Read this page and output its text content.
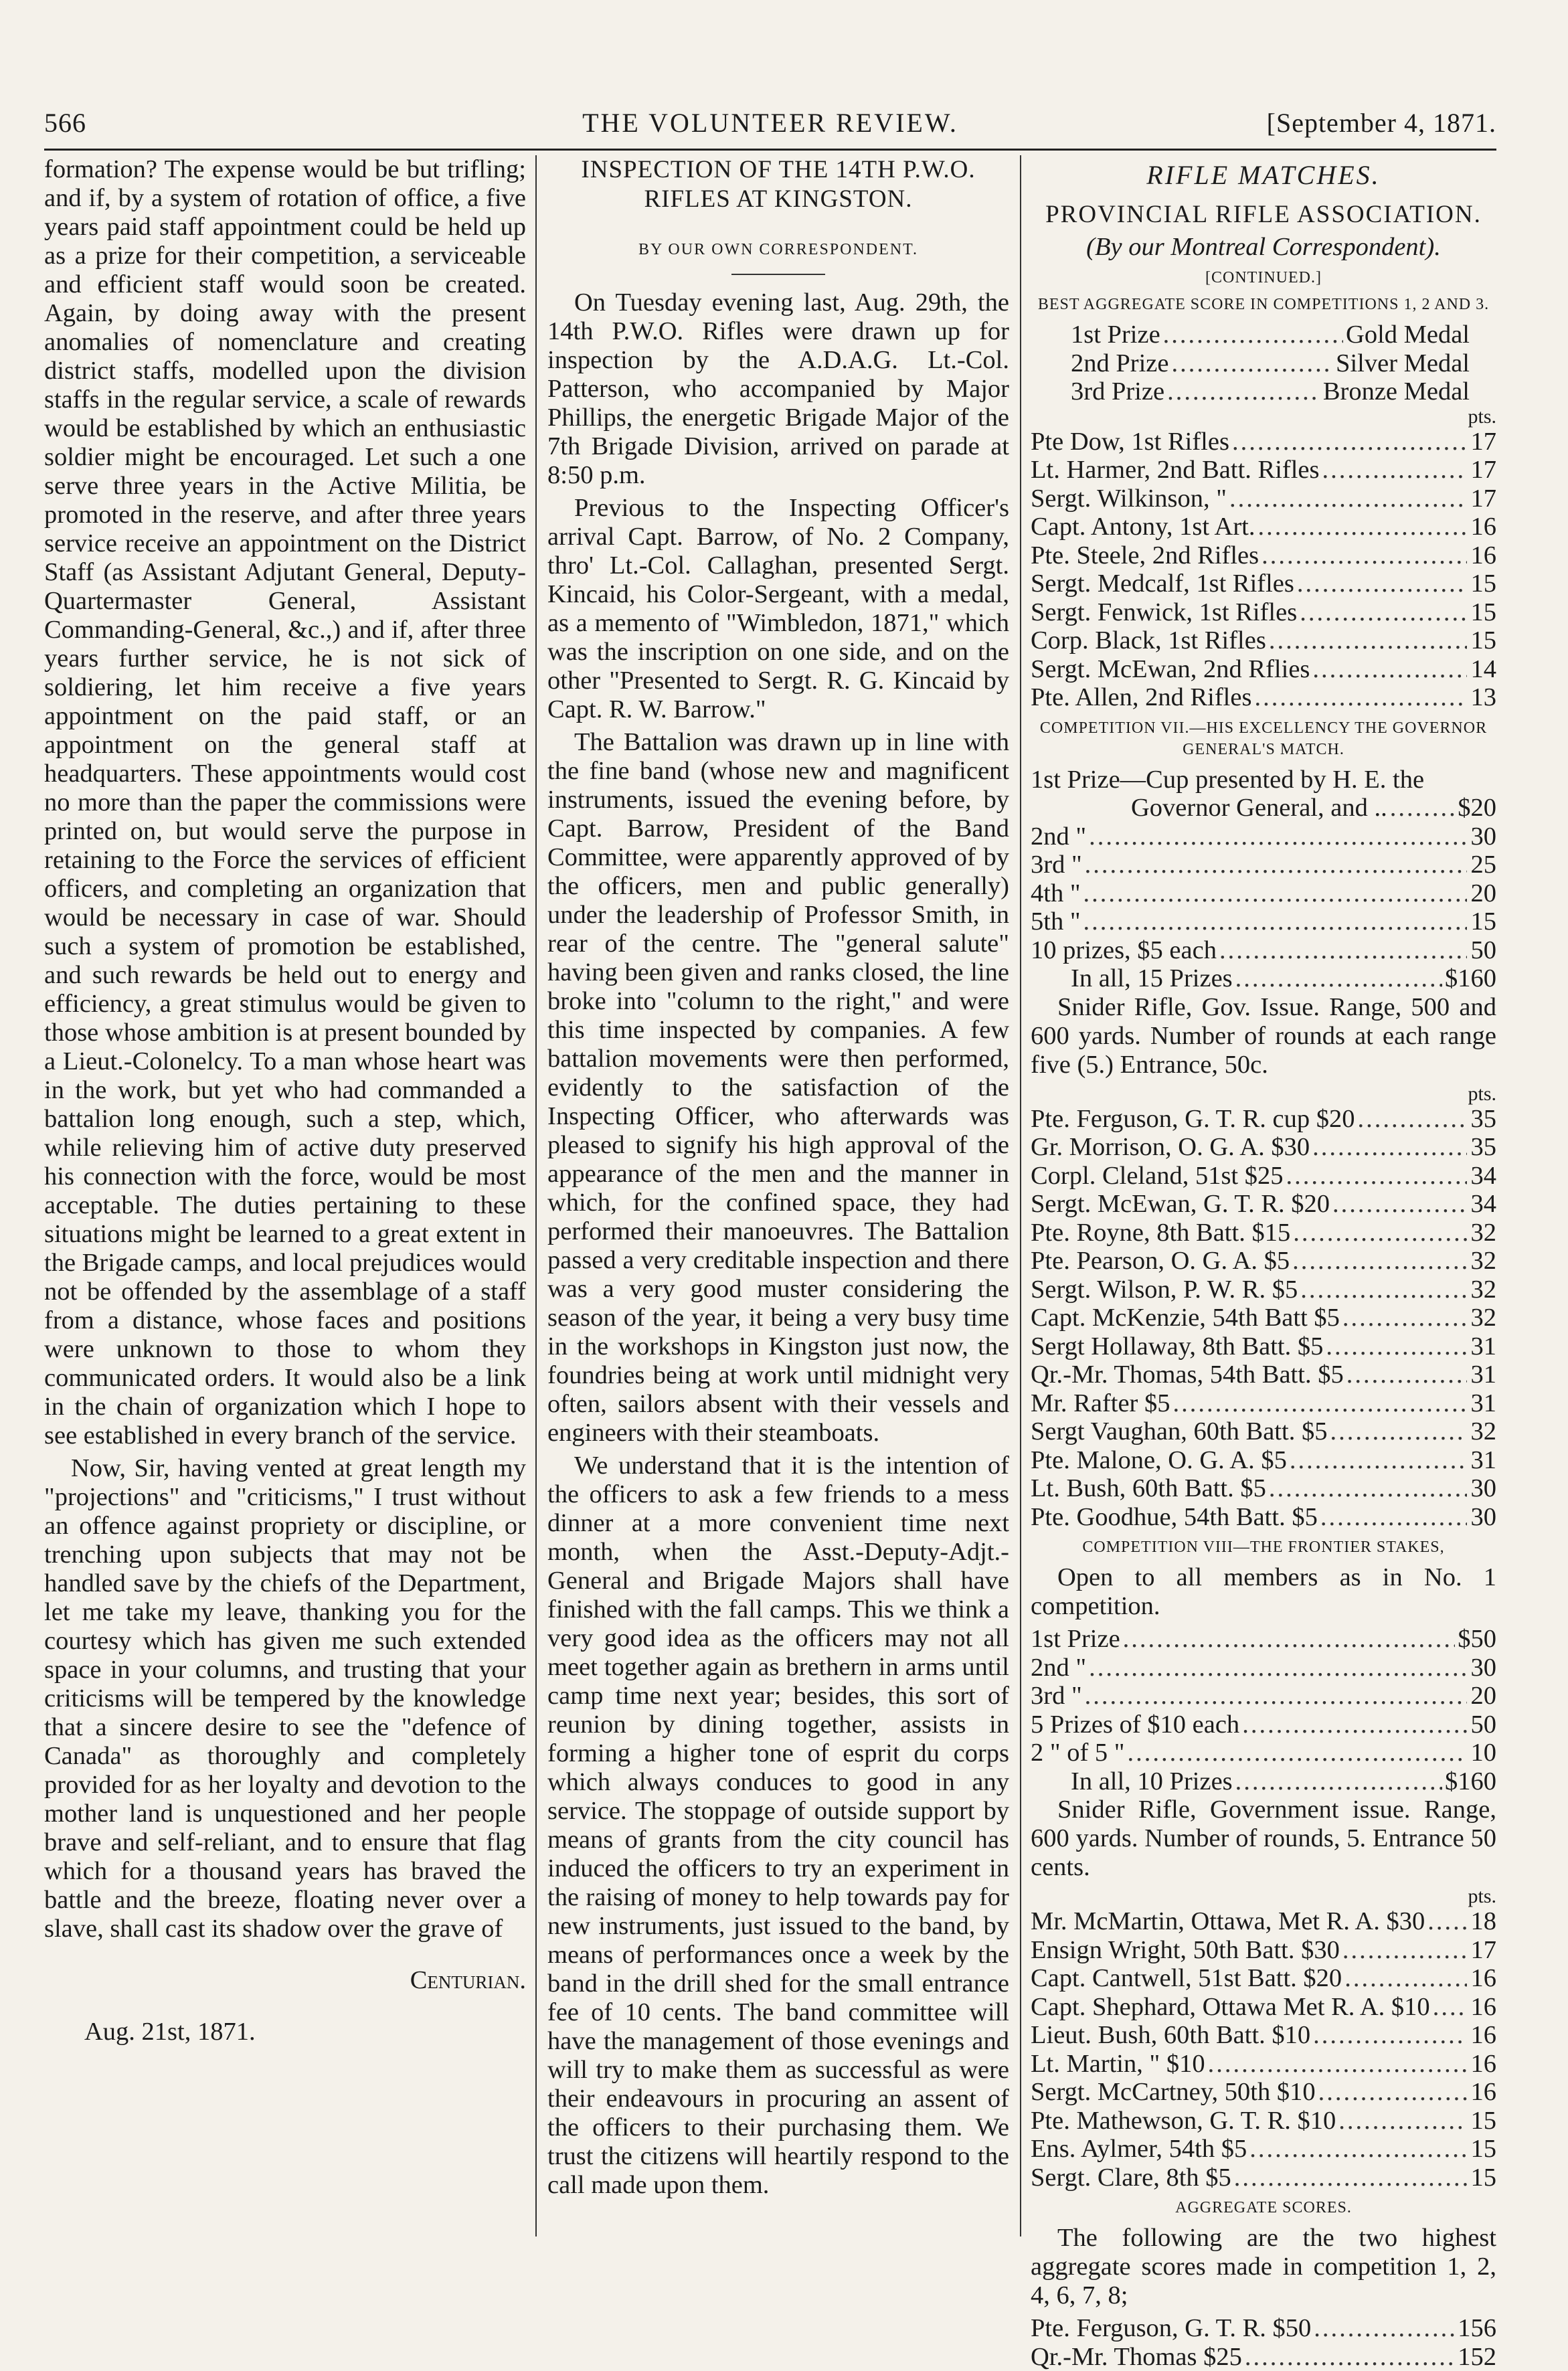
566	THE VOLUNTEER REVIEW.	[September 4, 1871.

formation? The expense would be but trifling; and if, by a system of rotation of office, a five years paid staff appointment could be held up as a prize for their competition, a serviceable and efficient staff would soon be created. Again, by doing away with the present anomalies of nomenclature and creating district staffs, modelled upon the division staffs in the regular service, a scale of rewards would be established by which an enthusiastic soldier might be encouraged. Let such a one serve three years in the Active Militia, be promoted in the reserve, and after three years service receive an appointment on the District Staff (as Assistant Adjutant General, Deputy-Quartermaster General, Assistant Commanding-General, &c.,) and if, after three years further service, he is not sick of soldiering, let him receive a five years appointment on the paid staff, or an appointment on the general staff at headquarters. These appointments would cost no more than the paper the commissions were printed on, but would serve the purpose in retaining to the Force the services of efficient officers, and completing an organization that would be necessary in case of war. Should such a system of promotion be established, and such rewards be held out to energy and efficiency, a great stimulus would be given to those whose ambition is at present bounded by a Lieut.-Colonelcy. To a man whose heart was in the work, but yet who had commanded a battalion long enough, such a step, which, while relieving him of active duty preserved his connection with the force, would be most acceptable. The duties pertaining to these situations might be learned to a great extent in the Brigade camps, and local prejudices would not be offended by the assemblage of a staff from a distance, whose faces and positions were unknown to those to whom they communicated orders. It would also be a link in the chain of organization which I hope to see established in every branch of the service.

Now, Sir, having vented at great length my "projections" and "criticisms," I trust without an offence against propriety or discipline, or trenching upon subjects that may not be handled save by the chiefs of the Department, let me take my leave, thanking you for the courtesy which has given me such extended space in your columns, and trusting that your criticisms will be tempered by the knowledge that a sincere desire to see the "defence of Canada" as thoroughly and completely provided for as her loyalty and devotion to the mother land is unquestioned and her people brave and self-reliant, and to ensure that flag which for a thousand years has braved the battle and the breeze, floating never over a slave, shall cast its shadow over the grave of

Centurian.
Aug. 21st, 1871.

INSPECTION OF THE 14TH P.W.O.

RIFLES AT KINGSTON.

BY OUR OWN CORRESPONDENT.

On Tuesday evening last, Aug. 29th, the 14th P.W.O. Rifles were drawn up for inspection by the A.D.A.G. Lt.-Col. Patterson, who accompanied by Major Phillips, the energetic Brigade Major of the 7th Brigade Division, arrived on parade at 8:50 p.m.

Previous to the Inspecting Officer's arrival Capt. Barrow, of No. 2 Company, thro' Lt.-Col. Callaghan, presented Sergt. Kincaid, his Color-Sergeant, with a medal, as a memento of "Wimbledon, 1871," which was the inscription on one side, and on the other "Presented to Sergt. R. G. Kincaid by Capt. R. W. Barrow."

The Battalion was drawn up in line with the fine band (whose new and magnificent instruments, issued the evening before, by Capt. Barrow, President of the Band Committee, were apparently approved of by the officers, men and public generally) under the leadership of Professor Smith, in rear of the centre. The "general salute" having been given and ranks closed, the line broke into "column to the right," and were this time inspected by companies. A few battalion movements were then performed, evidently to the satisfaction of the Inspecting Officer, who afterwards was pleased to signify his high approval of the appearance of the men and the manner in which, for the confined space, they had performed their manoeuvres. The Battalion passed a very creditable inspection and there was a very good muster considering the season of the year, it being a very busy time in the workshops in Kingston just now, the foundries being at work until midnight very often, sailors absent with their vessels and engineers with their steamboats.

We understand that it is the intention of the officers to ask a few friends to a mess dinner at a more convenient time next month, when the Asst.-Deputy-Adjt.-General and Brigade Majors shall have finished with the fall camps. This we think a very good idea as the officers may not all meet together again as brethern in arms until camp time next year; besides, this sort of reunion by dining together, assists in forming a higher tone of esprit du corps which always conduces to good in any service. The stoppage of outside support by means of grants from the city council has induced the officers to try an experiment in the raising of money to help towards pay for new instruments, just issued to the band, by means of performances once a week by the band in the drill shed for the small entrance fee of 10 cents. The band committee will have the management of those evenings and will try to make them as successful as were their endeavours in procuring an assent of the officers to their purchasing them. We trust the citizens will heartily respond to the call made upon them.

RIFLE MATCHES.

PROVINCIAL RIFLE ASSOCIATION.

(By our Montreal Correspondent).

[CONTINUED.]
BEST AGGREGATE SCORE IN COMPETITIONS 1, 2 AND 3.
1st Prize .....	Gold Medal
2nd Prize .....	Silver Medal
3rd Prize .....	Bronze Medal
pts.
Pte Dow, 1st Rifles .....	17
Lt. Harmer, 2nd Batt. Rifles .....	17
Sergt. Wilkinson, " .....	17
Capt. Antony, 1st Art. .....	16
Pte. Steele, 2nd Rifles .....	16
Sergt. Medcalf, 1st Rifles .....	15
Sergt. Fenwick, 1st Rifles .....	15
Corp. Black, 1st Rifles .....	15
Sergt. McEwan, 2nd Rflies .....	14
Pte. Allen, 2nd Rifles .....	13
COMPETITION VII.—HIS EXCELLENCY THE GOVERNOR GENERAL'S MATCH.
1st Prize—Cup presented by H. E. the
Governor General, and .. .....	$20
2nd " .....	30
3rd " .....	25
4th " .....	20
5th " .....	15
10 prizes, $5 each .....	50
In all, 15 Prizes .....	$160

Snider Rifle, Gov. Issue. Range, 500 and 600 yards. Number of rounds at each range five (5.) Entrance, 50c.

pts.
Pte. Ferguson, G. T. R. cup $20 .....	35
Gr. Morrison, O. G. A. $30 .....	35
Corpl. Cleland, 51st $25 .....	34
Sergt. McEwan, G. T. R. $20 .....	34
Pte. Royne, 8th Batt. $15 .....	32
Pte. Pearson, O. G. A. $5 .....	32
Sergt. Wilson, P. W. R. $5 .....	32
Capt. McKenzie, 54th Batt $5 .....	32
Sergt Hollaway, 8th Batt. $5 .....	31
Qr.-Mr. Thomas, 54th Batt. $5 .....	31
Mr. Rafter $5 .....	31
Sergt Vaughan, 60th Batt. $5 .....	32
Pte. Malone, O. G. A. $5 .....	31
Lt. Bush, 60th Batt. $5 .....	30
Pte. Goodhue, 54th Batt. $5 .....	30
COMPETITION VIII—THE FRONTIER STAKES,

Open to all members as in No. 1 competition.

1st Prize .....	$50
2nd " .....	30
3rd " .....	20
5 Prizes of $10 each .....	50
2 " of 5 " .....	10
In all, 10 Prizes .....	$160

Snider Rifle, Government issue. Range, 600 yards. Number of rounds, 5. Entrance 50 cents.

pts.
Mr. McMartin, Ottawa, Met R. A. $30 ..... 18
Ensign Wright, 50th Batt. $30 .....	17
Capt. Cantwell, 51st Batt. $20 .....	16
Capt. Shephard, Ottawa Met R. A. $10 ..... 16
Lieut. Bush, 60th Batt. $10 .....	16
Lt. Martin, " $10 .....	16
Sergt. McCartney, 50th $10 .....	16
Pte. Mathewson, G. T. R. $10 .....	15
Ens. Aylmer, 54th $5 .....	15
Sergt. Clare, 8th $5 .....	15
AGGREGATE SCORES.

The following are the two highest aggregate scores made in competition 1, 2, 4, 6, 7, 8;

Pte. Ferguson, G. T. R. $50 .....	156
Qr.-Mr. Thomas $25 .....	152
